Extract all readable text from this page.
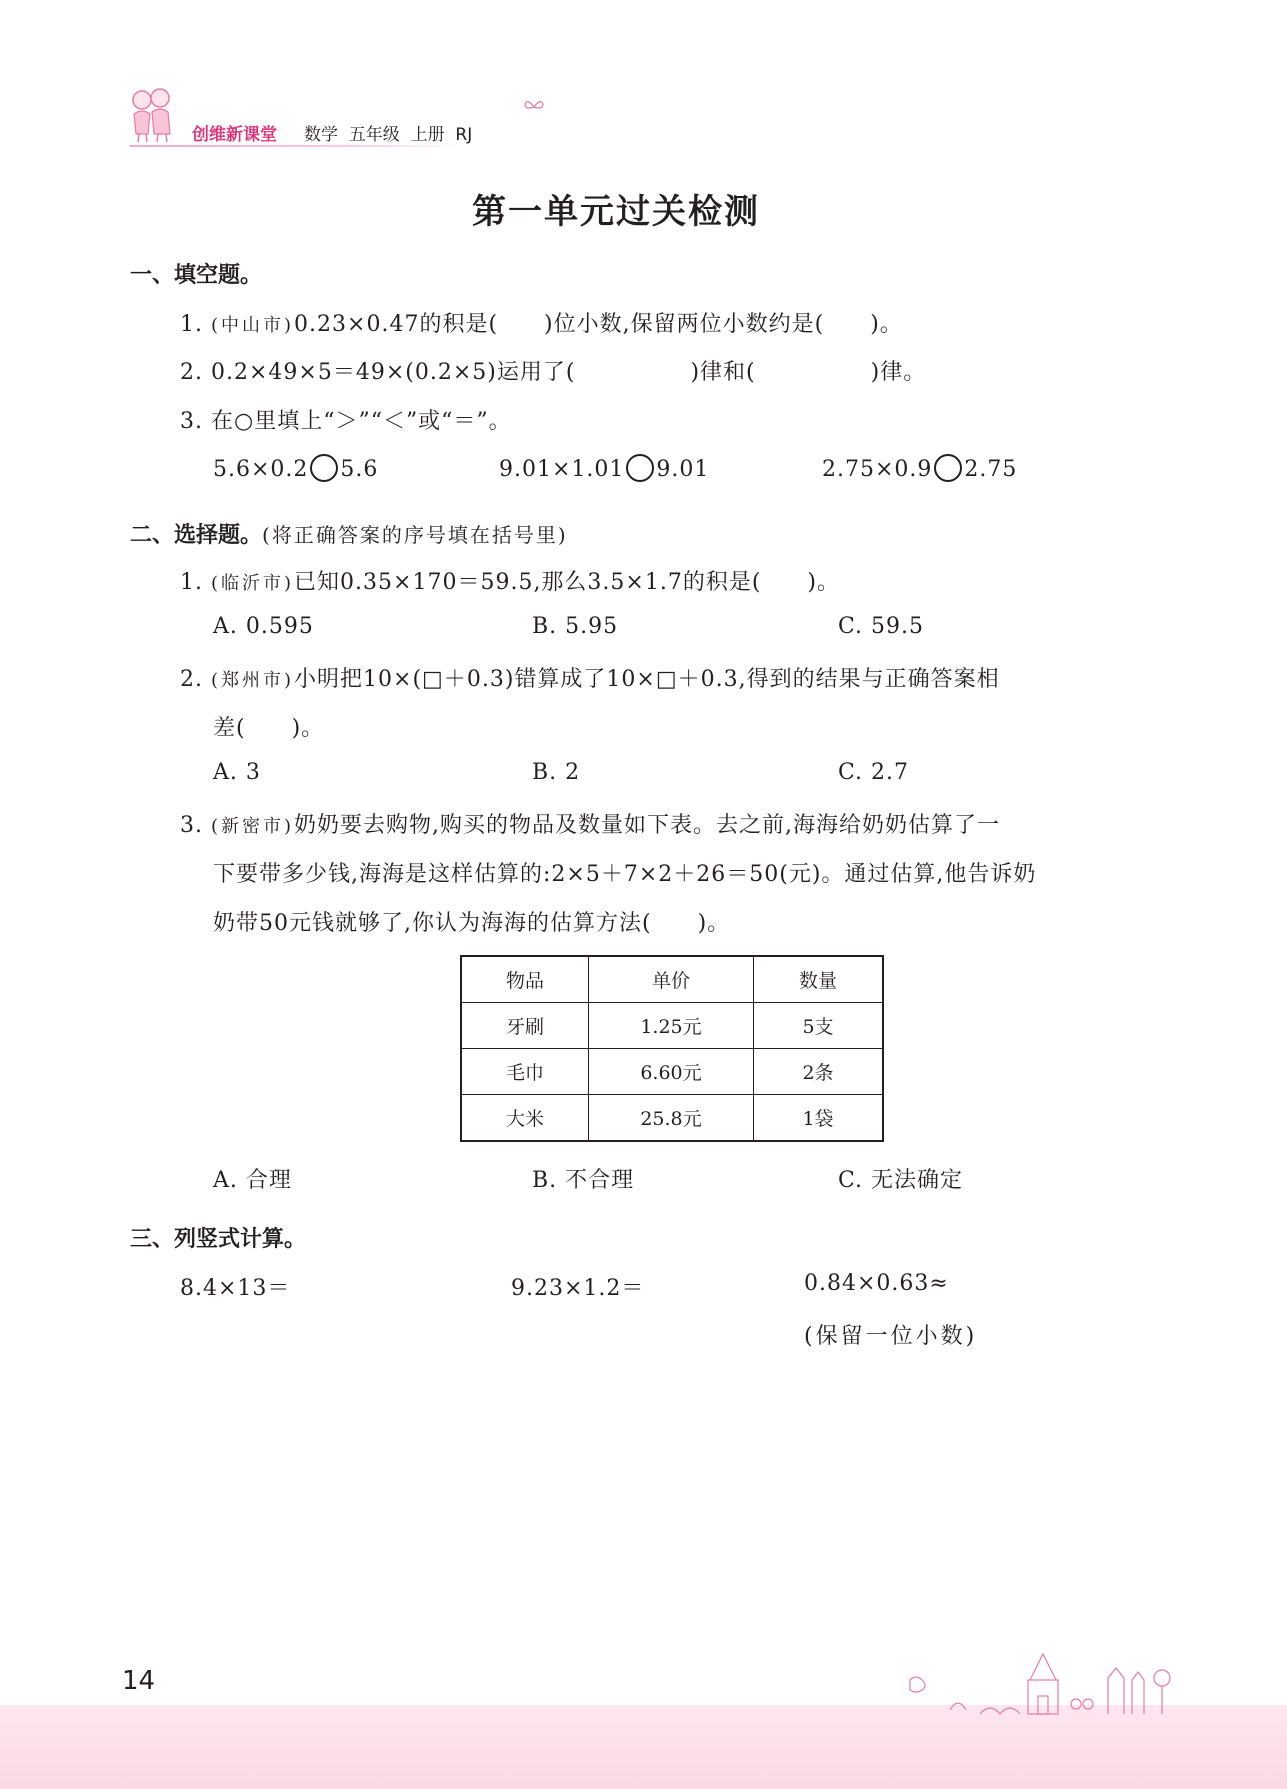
创维新课堂 数学  五年级  上册  RJ
第一单元过关检测
一、填空题。
1. (中山市)0.23×0.47的积是(　　)位小数,保留两位小数约是(　　)。
2. 0.2×49×5＝49×(0.2×5)运用了(　　　　　)律和(　　　　　)律。
3. 在○里填上“＞”“＜”或“＝”。
5.6×0.2 5.6	9.01×1.01 9.01	2.75×0.9 2.75
二、选择题。(将正确答案的序号填在括号里)
1. (临沂市)已知0.35×170＝59.5,那么3.5×1.7的积是(　　)。
A. 0.595	B. 5.95	C. 59.5
2. (郑州市)小明把10×(□＋0.3)错算成了10×□＋0.3,得到的结果与正确答案相
差(　　)。
A. 3	B. 2	C. 2.7
3. (新密市)奶奶要去购物,购买的物品及数量如下表。去之前,海海给奶奶估算了一
下要带多少钱,海海是这样估算的:2×5＋7×2＋26＝50(元)。通过估算,他告诉奶
奶带50元钱就够了,你认为海海的估算方法(　　)。
物品	单价	数量
牙刷	1.25元	5支
毛巾	6.60元	2条
大米	25.8元	1袋
A. 合理	B. 不合理	C. 无法确定
三、列竖式计算。
8.4×13＝	9.23×1.2＝	0.84×0.63≈
(保留一位小数)
14
